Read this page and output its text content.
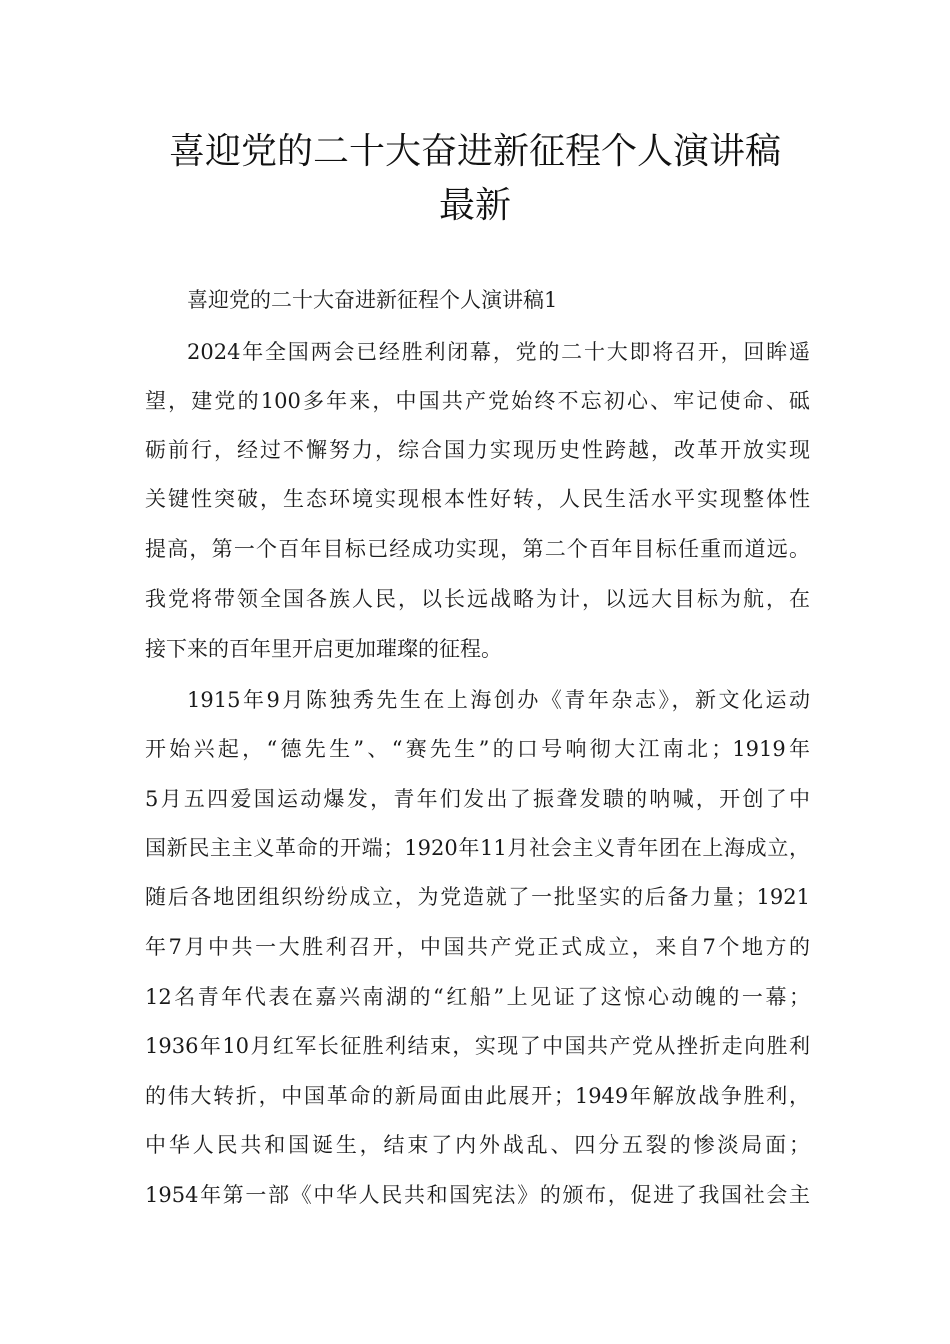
喜迎党的二十大奋进新征程个人演讲稿
最新
喜迎党的二十大奋进新征程个人演讲稿1
2024年全国两会已经胜利闭幕，党的二十大即将召开，回眸遥
望，建党的100多年来，中国共产党始终不忘初心、牢记使命、砥
砺前行，经过不懈努力，综合国力实现历史性跨越，改革开放实现
关键性突破，生态环境实现根本性好转，人民生活水平实现整体性
提高，第一个百年目标已经成功实现，第二个百年目标任重而道远。
我党将带领全国各族人民，以长远战略为计，以远大目标为航，在
接下来的百年里开启更加璀璨的征程。
1915年9月陈独秀先生在上海创办《青年杂志》，新文化运动
开始兴起，“德先生”、“赛先生”的口号响彻大江南北；1919年
5月五四爱国运动爆发，青年们发出了振聋发聩的呐喊，开创了中
国新民主主义革命的开端；1920年11月社会主义青年团在上海成立，
随后各地团组织纷纷成立，为党造就了一批坚实的后备力量；1921
年7月中共一大胜利召开，中国共产党正式成立，来自7个地方的
12名青年代表在嘉兴南湖的“红船”上见证了这惊心动魄的一幕；
1936年10月红军长征胜利结束，实现了中国共产党从挫折走向胜利
的伟大转折，中国革命的新局面由此展开；1949年解放战争胜利，
中华人民共和国诞生，结束了内外战乱、四分五裂的惨淡局面；
1954年第一部《中华人民共和国宪法》的颁布，促进了我国社会主
